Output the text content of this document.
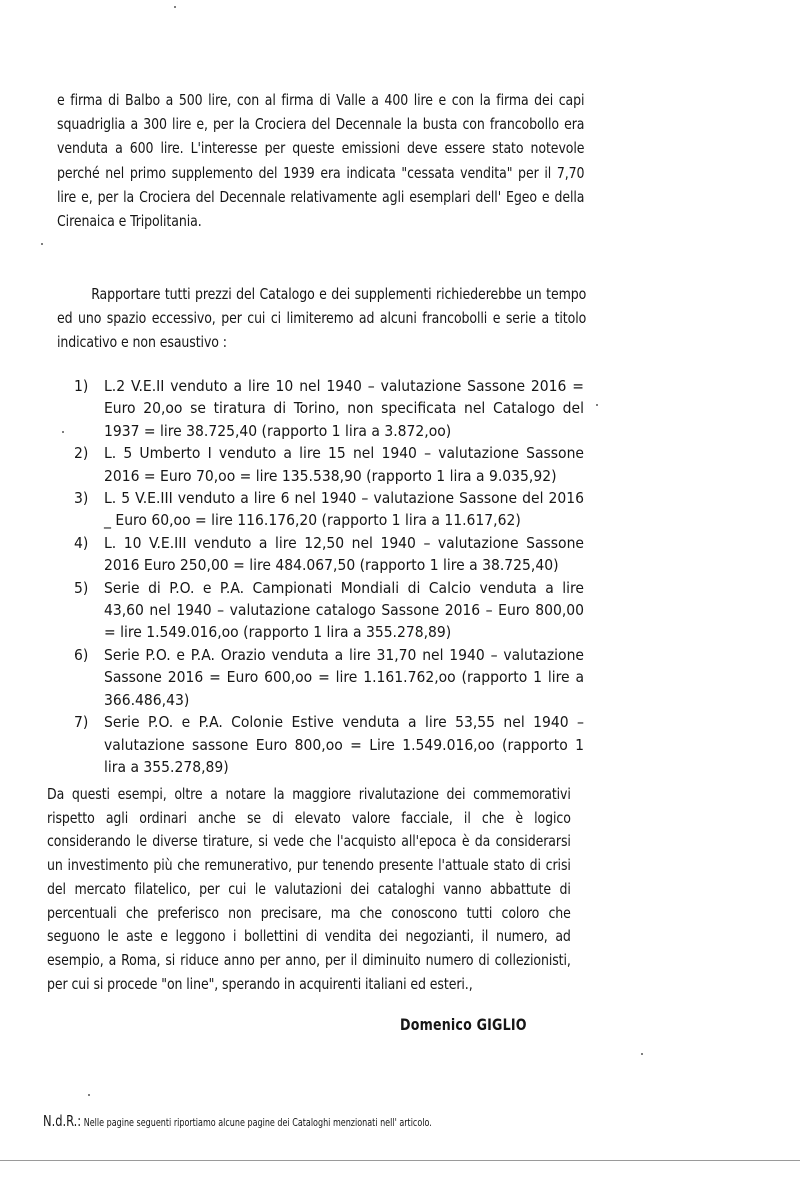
e firma di Balbo a 500 lire, con al firma di Valle a 400 lire e con la firma dei capi squadriglia a 300 lire e, per la Crociera del Decennale la busta con francobollo era venduta a 600 lire. L'interesse per queste emissioni deve essere stato notevole perché nel primo supplemento del 1939 era indicata "cessata vendita" per il 7,70 lire e, per la Crociera del Decennale relativamente agli esemplari dell' Egeo e della Cirenaica e Tripolitania.
Rapportare tutti prezzi del Catalogo e dei supplementi richiederebbe un tempo ed uno spazio eccessivo, per cui ci limiteremo ad alcuni francobolli e serie a titolo indicativo e non esaustivo :
1)	L.2 V.E.II venduto a lire 10 nel 1940 – valutazione Sassone 2016 = Euro 20,oo se tiratura di Torino, non specificata nel Catalogo del 1937 = lire 38.725,40 (rapporto 1 lira a 3.872,oo)
2)	L. 5 Umberto I venduto a lire 15 nel 1940 – valutazione Sassone 2016 = Euro 70,oo = lire 135.538,90 (rapporto 1 lira a 9.035,92)
3)	L. 5 V.E.III venduto a lire 6 nel 1940 – valutazione Sassone del 2016 _ Euro 60,oo = lire 116.176,20 (rapporto 1 lira a 11.617,62)
4)	L. 10 V.E.III venduto a lire 12,50 nel 1940 – valutazione Sassone 2016 Euro 250,00 = lire 484.067,50 (rapporto 1 lire a 38.725,40)
5)	Serie di P.O. e P.A. Campionati Mondiali di Calcio venduta a lire 43,60 nel 1940 – valutazione catalogo Sassone 2016 – Euro 800,00 = lire 1.549.016,oo (rapporto 1 lira a 355.278,89)
6)	Serie P.O. e P.A. Orazio venduta a lire 31,70 nel 1940 – valutazione Sassone 2016 = Euro 600,oo = lire 1.161.762,oo (rapporto 1 lire a 366.486,43)
7)	Serie P.O. e P.A. Colonie Estive venduta a lire 53,55 nel 1940 – valutazione sassone Euro 800,oo = Lire 1.549.016,oo (rapporto 1 lira a 355.278,89)
Da questi esempi, oltre a notare la maggiore rivalutazione dei commemorativi rispetto agli ordinari anche se di elevato valore facciale, il che è logico considerando le diverse tirature, si vede che l'acquisto all'epoca è da considerarsi un investimento più che remunerativo, pur tenendo presente l'attuale stato di crisi del mercato filatelico, per cui le valutazioni dei cataloghi vanno abbattute di percentuali che preferisco non precisare, ma che conoscono tutti coloro che seguono le aste e leggono i bollettini di vendita dei negozianti, il numero, ad esempio, a Roma, si riduce anno per anno, per il diminuito numero di collezionisti, per cui si procede "on line", sperando in acquirenti italiani ed esteri.,
Domenico GIGLIO
N.d.R.: Nelle pagine seguenti riportiamo alcune pagine dei Cataloghi menzionati nell' articolo.
